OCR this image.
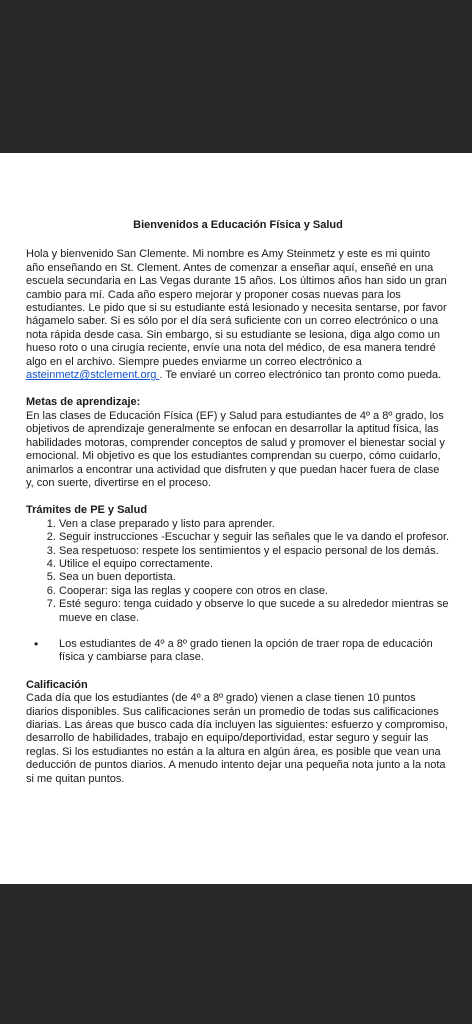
Bienvenidos a Educación Física y Salud

Hola y bienvenido San Clemente. Mi nombre es Amy Steinmetz y este es mi quinto año enseñando en St. Clement. Antes de comenzar a enseñar aquí, enseñé en una escuela secundaria en Las Vegas durante 15 años. Los últimos años han sido un gran cambio para mí. Cada año espero mejorar y proponer cosas nuevas para los estudiantes. Le pido que si su estudiante está lesionado y necesita sentarse, por favor hágamelo saber. Si es sólo por el día será suficiente con un correo electrónico o una nota rápida desde casa. Sin embargo, si su estudiante se lesiona, diga algo como un hueso roto o una cirugía reciente, envíe una nota del médico, de esa manera tendré algo en el archivo. Siempre puedes enviarme un correo electrónico a asteinmetz@stclement.org . Te enviaré un correo electrónico tan pronto como pueda.

Metas de aprendizaje:

En las clases de Educación Física (EF) y Salud para estudiantes de 4º a 8º grado, los objetivos de aprendizaje generalmente se enfocan en desarrollar la aptitud física, las habilidades motoras, comprender conceptos de salud y promover el bienestar social y emocional. Mi objetivo es que los estudiantes comprendan su cuerpo, cómo cuidarlo, animarlos a encontrar una actividad que disfruten y que puedan hacer fuera de clase y, con suerte, divertirse en el proceso.

Trámites de PE y Salud

1. Ven a clase preparado y listo para aprender.
2. Seguir instrucciones -Escuchar y seguir las señales que le va dando el profesor.
3. Sea respetuoso: respete los sentimientos y el espacio personal de los demás.
4. Utilice el equipo correctamente.
5. Sea un buen deportista.
6. Cooperar: siga las reglas y coopere con otros en clase.
7. Esté seguro: tenga cuidado y observe lo que sucede a su alrededor mientras se mueve en clase.
• Los estudiantes de 4º a 8º grado tienen la opción de traer ropa de educación física y cambiarse para clase.

Calificación

Cada día que los estudiantes (de 4º a 8º grado) vienen a clase tienen 10 puntos diarios disponibles. Sus calificaciones serán un promedio de todas sus calificaciones diarias. Las áreas que busco cada día incluyen las siguientes: esfuerzo y compromiso, desarrollo de habilidades, trabajo en equipo/deportividad, estar seguro y seguir las reglas. Si los estudiantes no están a la altura en algún área, es posible que vean una deducción de puntos diarios. A menudo intento dejar una pequeña nota junto a la nota si me quitan puntos.
